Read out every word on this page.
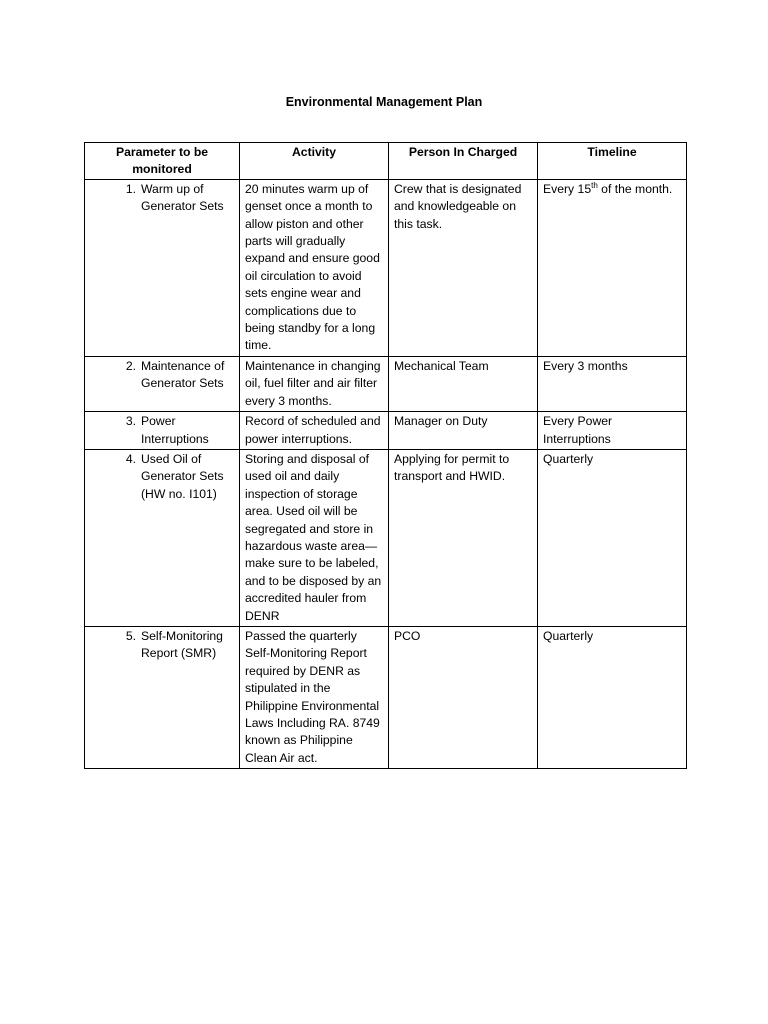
Environmental Management Plan
Parameter to be monitored	Activity	Person In Charged	Timeline

1. Warm up of Generator Sets	20 minutes warm up of genset once a month to allow piston and other parts will gradually expand and ensure good oil circulation to avoid sets engine wear and complications due to being standby for a long time.	Crew that is designated and knowledgeable on this task.	Every 15th of the month.

2. Maintenance of Generator Sets	Maintenance in changing oil, fuel filter and air filter every 3 months.	Mechanical Team	Every 3 months

3. Power Interruptions	Record of scheduled and power interruptions.	Manager on Duty	Every Power Interruptions

4. Used Oil of Generator Sets (HW no. I101)	Storing and disposal of used oil and daily inspection of storage area. Used oil will be segregated and store in hazardous waste area—make sure to be labeled, and to be disposed by an accredited hauler from DENR	Applying for permit to transport and HWID.	Quarterly

5. Self-Monitoring Report (SMR)	Passed the quarterly Self-Monitoring Report required by DENR as stipulated in the Philippine Environmental Laws Including RA. 8749 known as Philippine Clean Air act.	PCO	Quarterly
